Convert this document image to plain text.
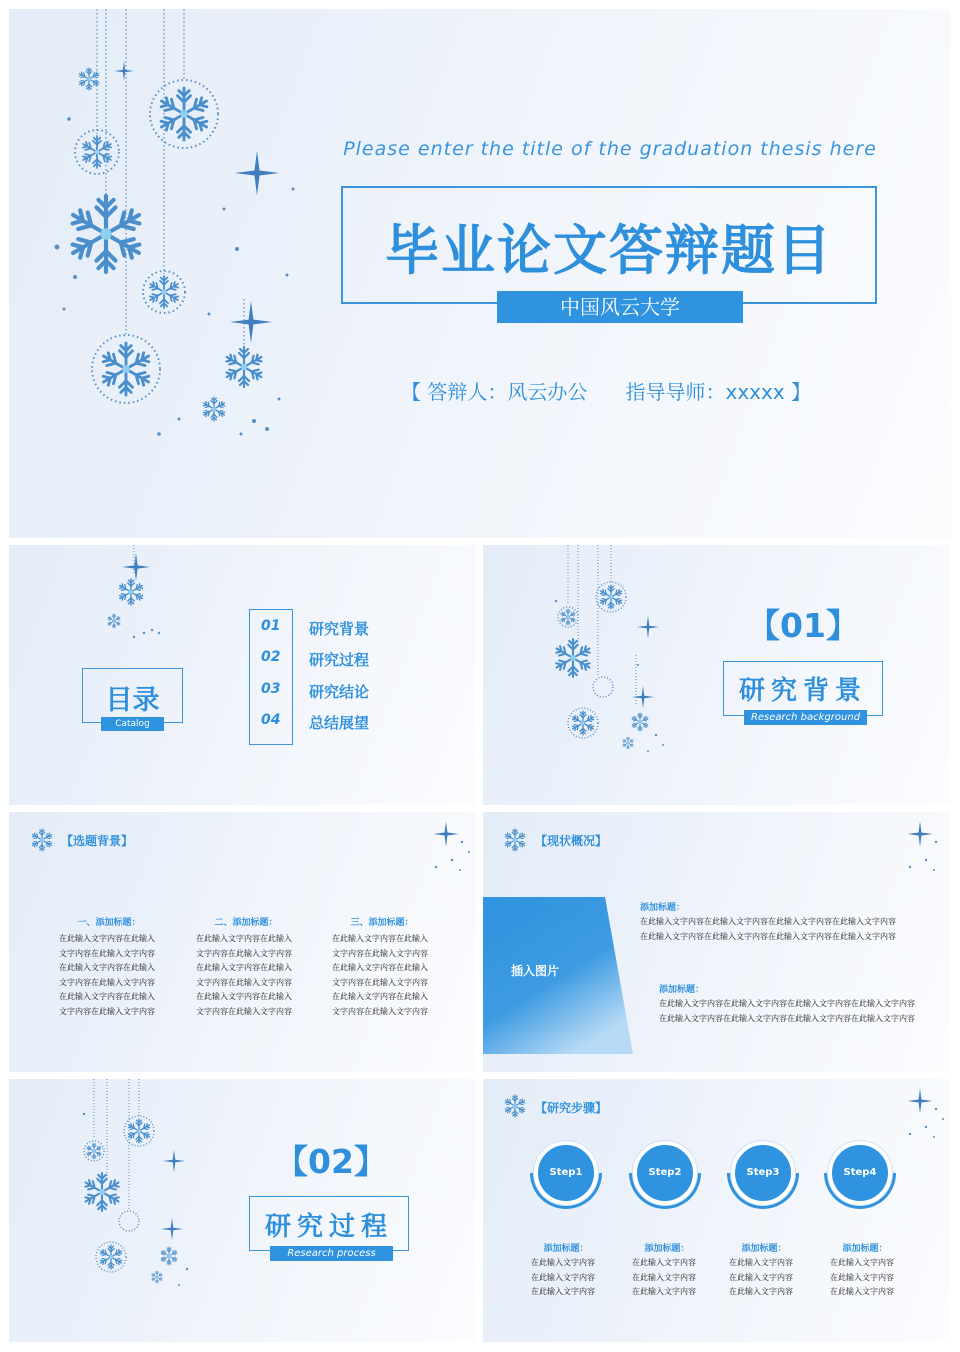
Please enter the title of the graduation thesis here
毕业论文答辩题目
中国风云大学
【 答辩人：风云办公      指导导师：xxxxx 】
目录
Catalog
01
02
03
04
研究背景
研究过程
研究结论
总结展望
【01】
研究背景
Research background
【选题背景】
一、添加标题：
在此输入文字内容在此输入
文字内容在此输入文字内容
在此输入文字内容在此输入
文字内容在此输入文字内容
在此输入文字内容在此输入
文字内容在此输入文字内容
二、添加标题：
在此输入文字内容在此输入
文字内容在此输入文字内容
在此输入文字内容在此输入
文字内容在此输入文字内容
在此输入文字内容在此输入
文字内容在此输入文字内容
三、添加标题：
在此输入文字内容在此输入
文字内容在此输入文字内容
在此输入文字内容在此输入
文字内容在此输入文字内容
在此输入文字内容在此输入
文字内容在此输入文字内容
【现状概况】
插入图片
添加标题：
在此输入文字内容在此输入文字内容在此输入文字内容在此输入文字内容
在此输入文字内容在此输入文字内容在此输入文字内容在此输入文字内容
添加标题：
在此输入文字内容在此输入文字内容在此输入文字内容在此输入文字内容
在此输入文字内容在此输入文字内容在此输入文字内容在此输入文字内容
【02】
研究过程
Research process
【研究步骤】
Step1
添加标题：
在此输入文字内容
在此输入文字内容
在此输入文字内容
Step2
添加标题：
在此输入文字内容
在此输入文字内容
在此输入文字内容
Step3
添加标题：
在此输入文字内容
在此输入文字内容
在此输入文字内容
Step4
添加标题：
在此输入文字内容
在此输入文字内容
在此输入文字内容
